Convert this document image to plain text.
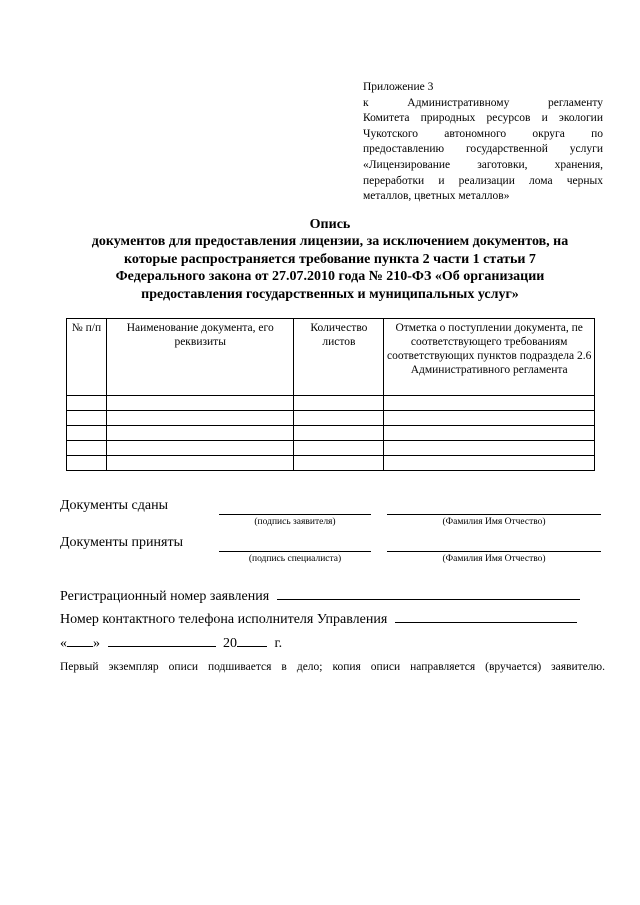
Приложение 3
к Административному регламенту
Комитета природных ресурсов и экологии
Чукотского автономного округа по
предоставлению государственной услуги
«Лицензирование заготовки, хранения,
переработки и реализации лома черных
металлов, цветных металлов»
Опись
документов для предоставления лицензии, за исключением документов, на
которые распространяется требование пункта 2 части 1 статьи 7
Федерального закона от 27.07.2010 года № 210-ФЗ «Об организации
предоставления государственных и муниципальных услуг»
№ п/п	Наименование документа, его реквизиты	Количество листов	Отметка о поступлении документа, пе соответствующего требованиям соответствующих пунктов подраздела 2.6 Административного регламента

Документы сданы
(подпись заявителя)	(Фамилия Имя Отчество)
Документы приняты
(подпись специалиста)	(Фамилия Имя Отчество)
Регистрационный номер заявления
Номер контактного телефона исполнителя Управления
« »	20	г.
Первый экземпляр описи подшивается в дело; копия описи направляется (вручается) заявителю.
